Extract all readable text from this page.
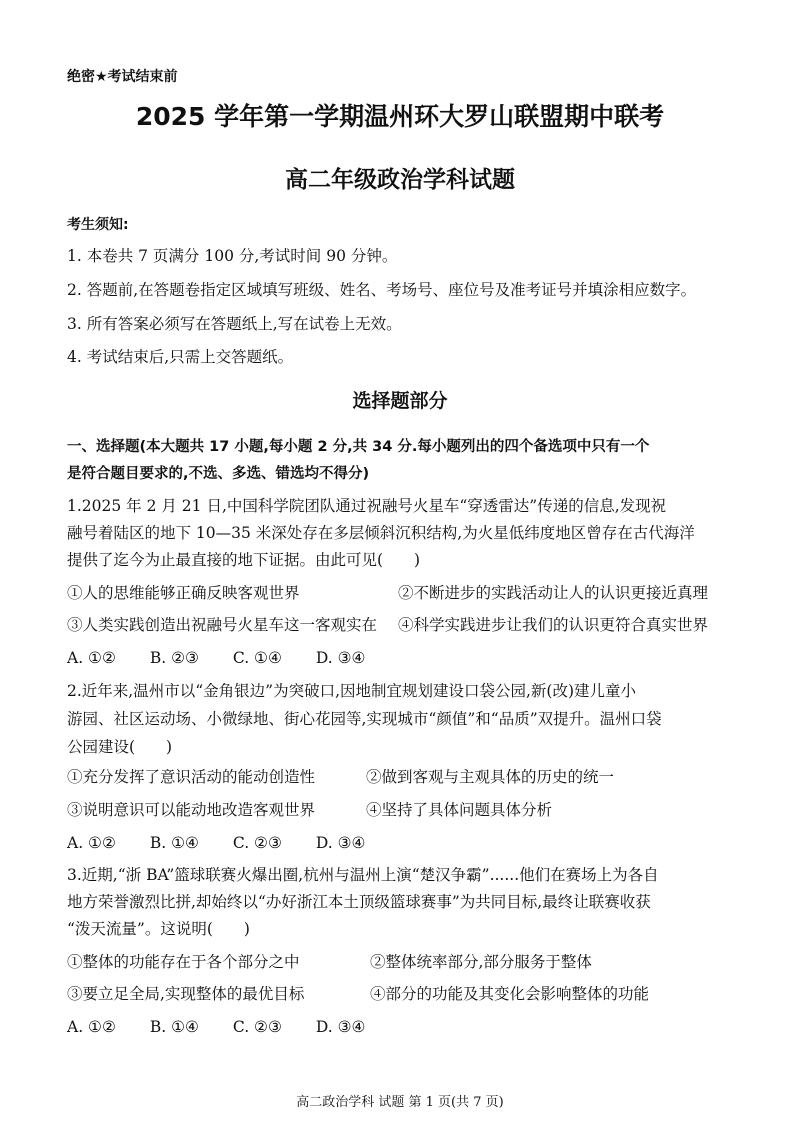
绝密★考试结束前
2025 学年第一学期温州环大罗山联盟期中联考
高二年级政治学科试题
考生须知:
1. 本卷共 7 页满分 100 分,考试时间 90 分钟。
2. 答题前,在答题卷指定区域填写班级、姓名、考场号、座位号及准考证号并填涂相应数字。
3. 所有答案必须写在答题纸上,写在试卷上无效。
4. 考试结束后,只需上交答题纸。
选择题部分
一、选择题(本大题共 17 小题,每小题 2 分,共 34 分.每小题列出的四个备选项中只有一个
是符合题目要求的,不选、多选、错选均不得分)
1.2025 年 2 月 21 日,中国科学院团队通过祝融号火星车“穿透雷达”传递的信息,发现祝
融号着陆区的地下 10—35 米深处存在多层倾斜沉积结构,为火星低纬度地区曾存在古代海洋
提供了迄今为止最直接的地下证据。由此可见(　　)
①人的思维能够正确反映客观世界	②不断进步的实践活动让人的认识更接近真理
③人类实践创造出祝融号火星车这一客观实在 ④科学实践进步让我们的认识更符合真实世界
A. ①② B. ②③ C. ①④ D. ③④
2.近年来,温州市以“金角银边”为突破口,因地制宜规划建设口袋公园,新(改)建儿童小
游园、社区运动场、小微绿地、街心花园等,实现城市“颜值”和“品质”双提升。温州口袋
公园建设(　　)
①充分发挥了意识活动的能动创造性	②做到客观与主观具体的历史的统一
③说明意识可以能动地改造客观世界	④坚持了具体问题具体分析
A. ①② B. ①④ C. ②③ D. ③④
3.近期,“浙 BA”篮球联赛火爆出圈,杭州与温州上演“楚汉争霸”......他们在赛场上为各自
地方荣誉激烈比拼,却始终以“办好浙江本土顶级篮球赛事”为共同目标,最终让联赛收获
“泼天流量”。这说明(　　)
①整体的功能存在于各个部分之中	②整体统率部分,部分服务于整体
③要立足全局,实现整体的最优目标	④部分的功能及其变化会影响整体的功能
A. ①② B. ①④ C. ②③ D. ③④
高二政治学科 试题 第 1 页(共 7 页)
